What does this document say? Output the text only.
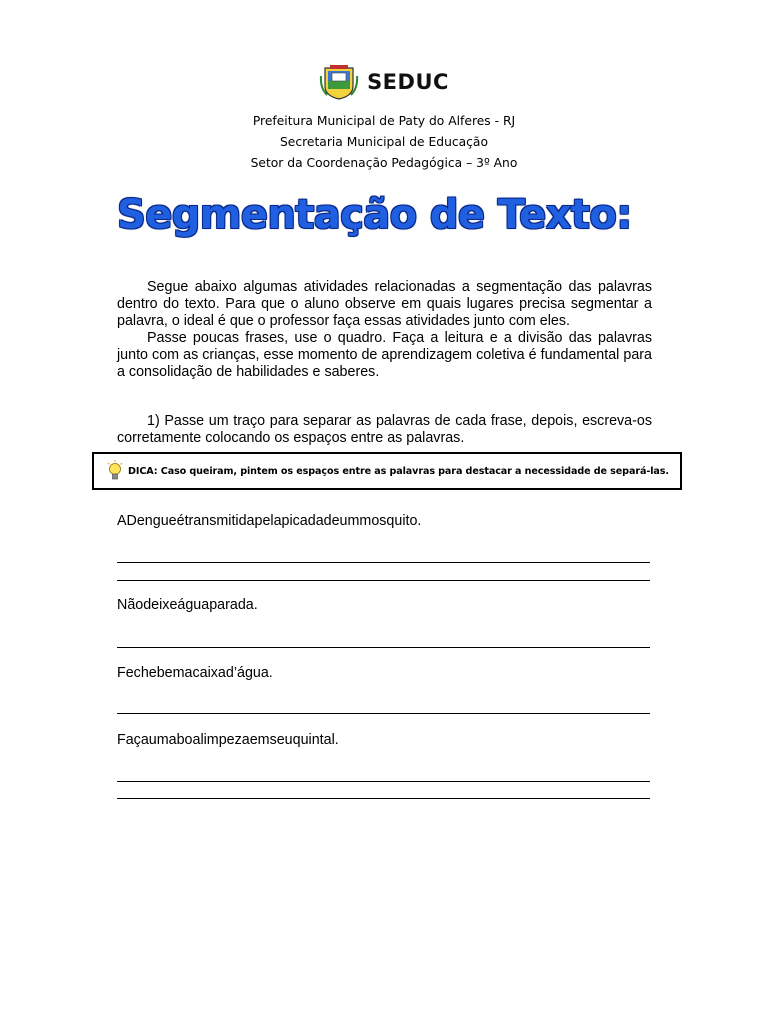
SEDUC
Prefeitura Municipal de Paty do Alferes - RJ
Secretaria Municipal de Educação
Setor da Coordenação Pedagógica – 3º Ano
Segmentação de Texto:

Segue abaixo algumas atividades relacionadas a segmentação das palavras dentro do texto. Para que o aluno observe em quais lugares precisa segmentar a palavra, o ideal é que o professor faça essas atividades junto com eles.

Passe poucas frases, use o quadro. Faça a leitura e a divisão das palavras junto com as crianças, esse momento de aprendizagem coletiva é fundamental para a consolidação de habilidades e saberes.

1) Passe um traço para separar as palavras de cada frase, depois, escreva-os corretamente colocando os espaços entre as palavras.

DICA: Caso queiram, pintem os espaços entre as palavras para destacar a necessidade de separá-las.
ADengueétransmitidapelapicadadeummosquito.
Nãodeixeáguaparada.
Fechebemacaixad’água.
Façaumaboalimpezaemseuquintal.
